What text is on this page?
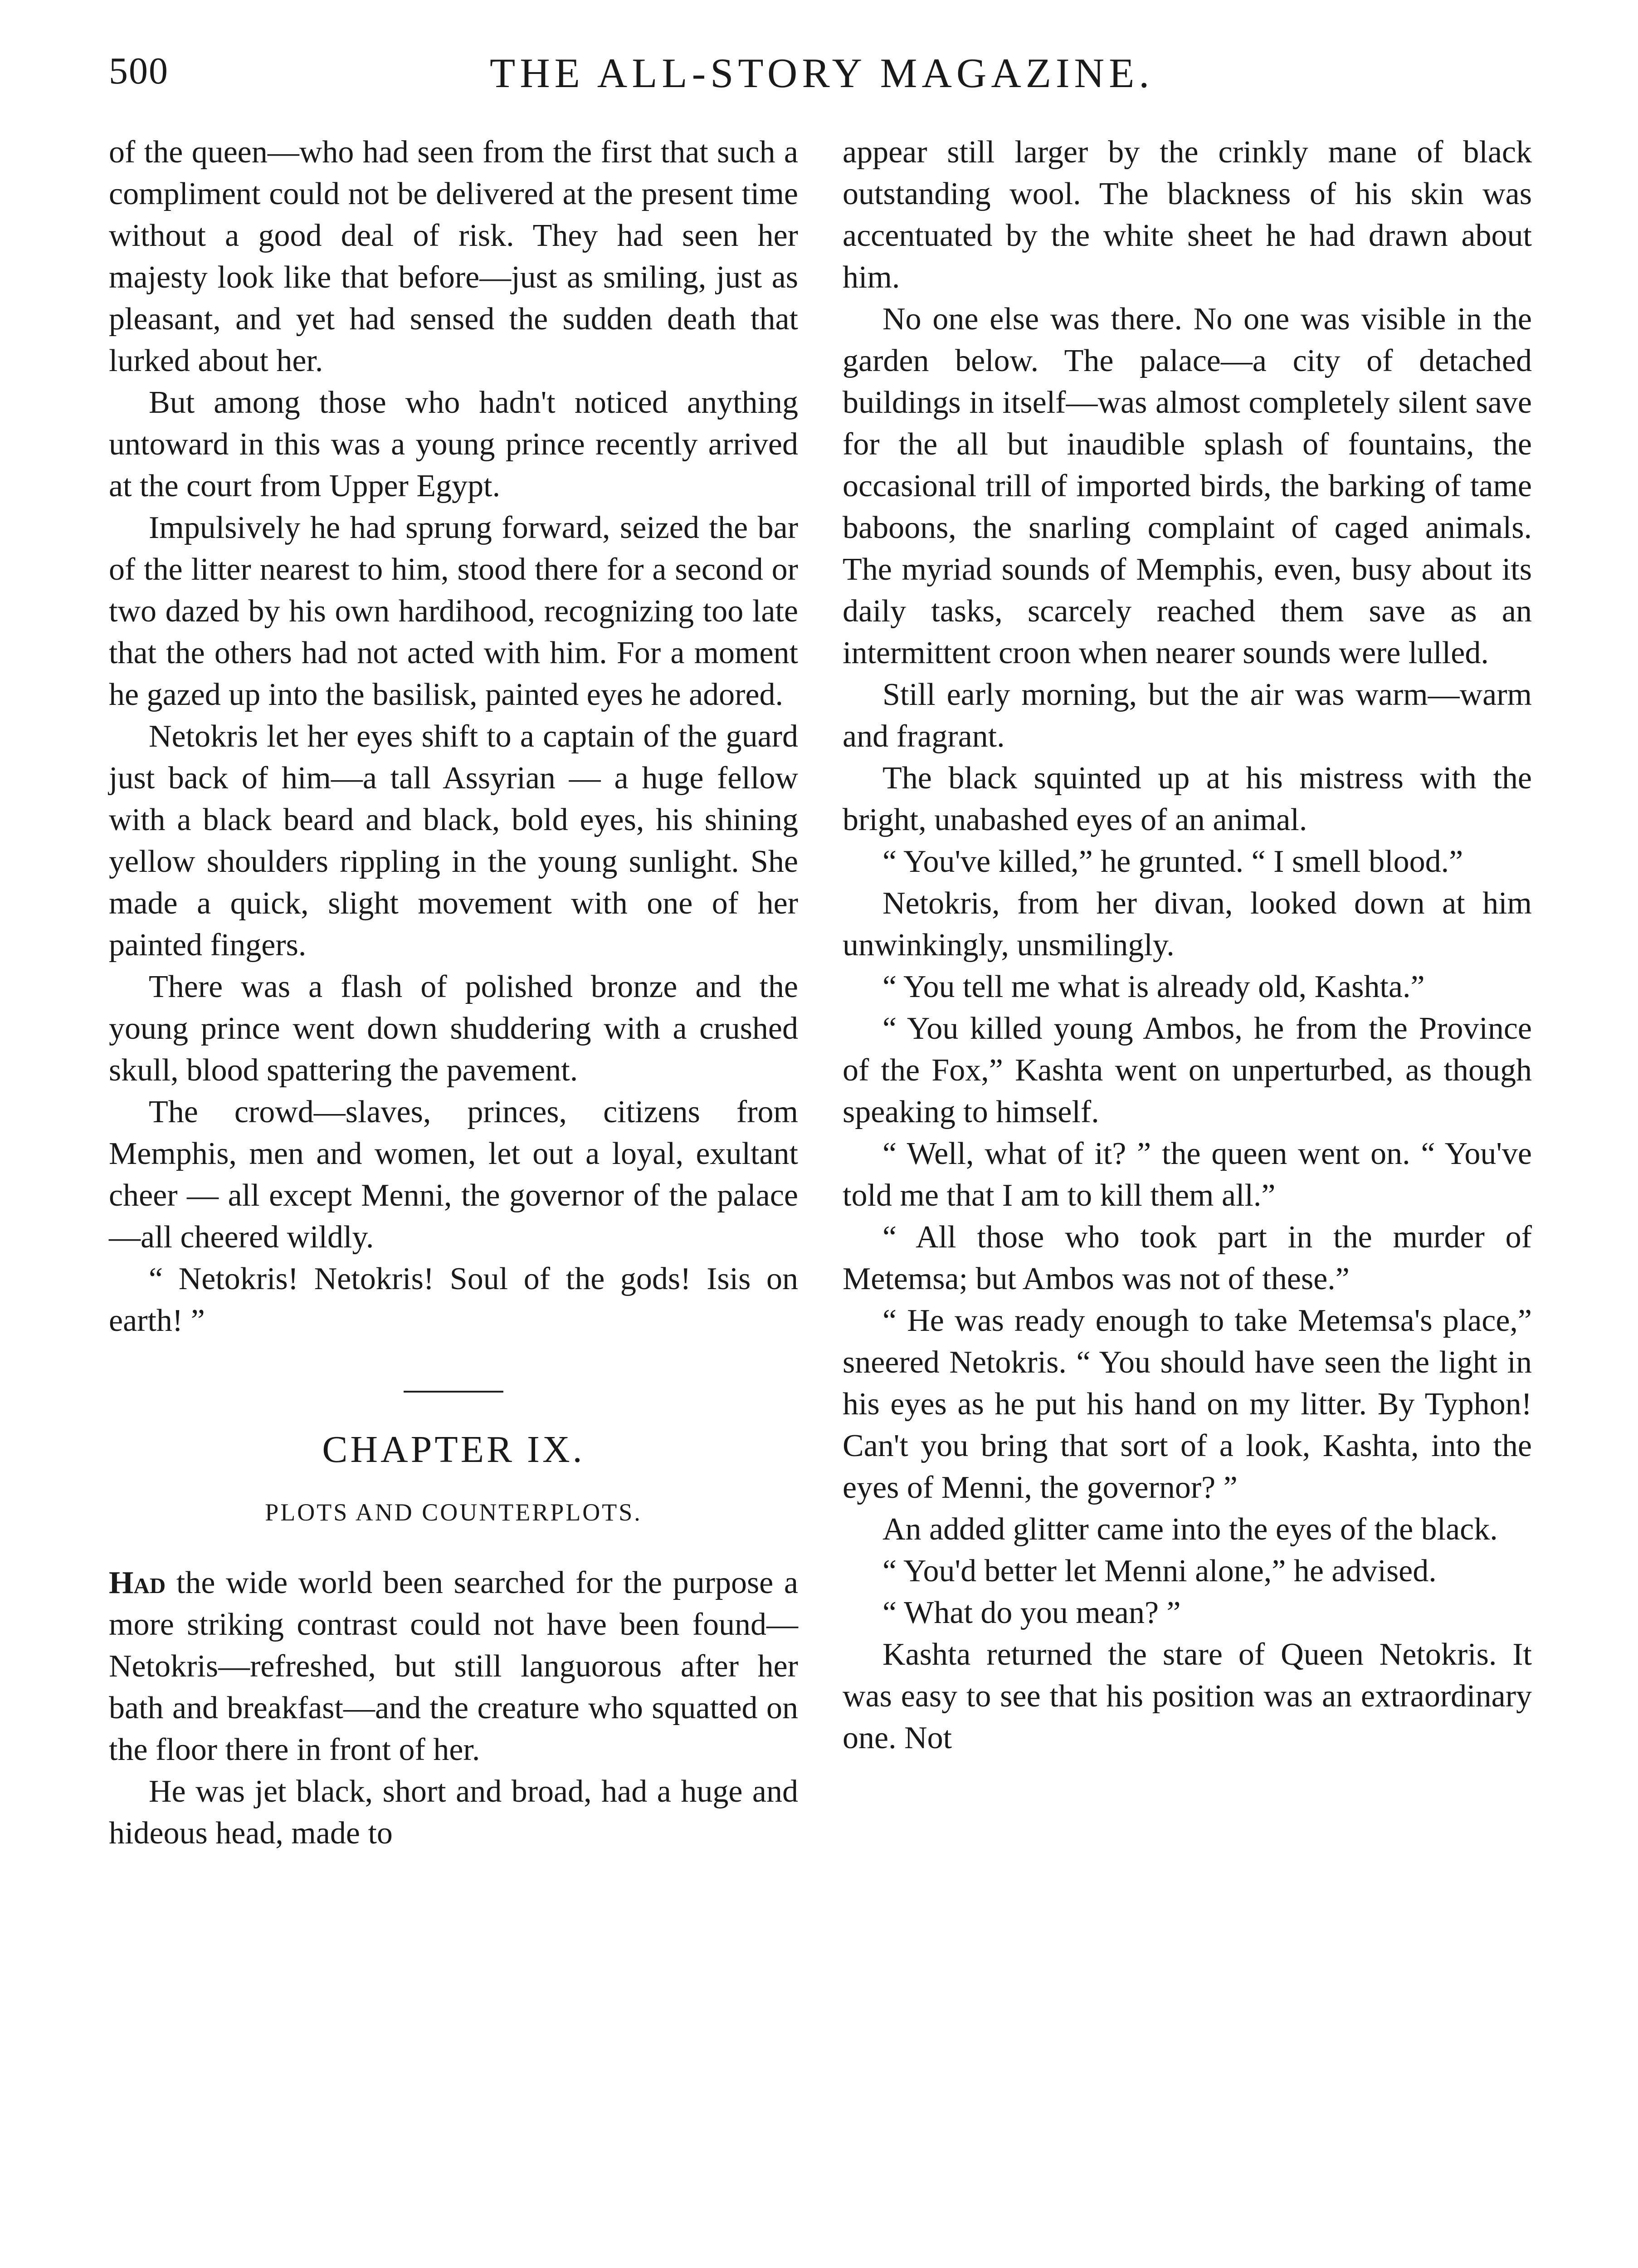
500	THE ALL-STORY MAGAZINE.

of the queen—who had seen from the first that such a compliment could not be delivered at the present time without a good deal of risk. They had seen her majesty look like that before—just as smiling, just as pleasant, and yet had sensed the sudden death that lurked about her.

But among those who hadn't noticed anything untoward in this was a young prince recently arrived at the court from Upper Egypt.

Impulsively he had sprung forward, seized the bar of the litter nearest to him, stood there for a second or two dazed by his own hardihood, recognizing too late that the others had not acted with him. For a moment he gazed up into the basilisk, painted eyes he adored.

Netokris let her eyes shift to a captain of the guard just back of him—a tall Assyrian — a huge fellow with a black beard and black, bold eyes, his shining yellow shoulders rippling in the young sunlight. She made a quick, slight movement with one of her painted fingers.

There was a flash of polished bronze and the young prince went down shuddering with a crushed skull, blood spattering the pavement.

The crowd—slaves, princes, citizens from Memphis, men and women, let out a loyal, exultant cheer — all except Menni, the governor of the palace—all cheered wildly.

“ Netokris! Netokris! Soul of the gods! Isis on earth! ”

CHAPTER IX.
PLOTS AND COUNTERPLOTS.

Had the wide world been searched for the purpose a more striking contrast could not have been found—Netokris—refreshed, but still languorous after her bath and breakfast—and the creature who squatted on the floor there in front of her.

He was jet black, short and broad, had a huge and hideous head, made to

appear still larger by the crinkly mane of black outstanding wool. The blackness of his skin was accentuated by the white sheet he had drawn about him.

No one else was there. No one was visible in the garden below. The palace—a city of detached buildings in itself—was almost completely silent save for the all but inaudible splash of fountains, the occasional trill of imported birds, the barking of tame baboons, the snarling complaint of caged animals. The myriad sounds of Memphis, even, busy about its daily tasks, scarcely reached them save as an intermittent croon when nearer sounds were lulled.

Still early morning, but the air was warm—warm and fragrant.

The black squinted up at his mistress with the bright, unabashed eyes of an animal.

“ You've killed,” he grunted. “ I smell blood.”

Netokris, from her divan, looked down at him unwinkingly, unsmilingly.

“ You tell me what is already old, Kashta.”

“ You killed young Ambos, he from the Province of the Fox,” Kashta went on unperturbed, as though speaking to himself.

“ Well, what of it? ” the queen went on. “ You've told me that I am to kill them all.”

“ All those who took part in the murder of Metemsa; but Ambos was not of these.”

“ He was ready enough to take Metemsa's place,” sneered Netokris. “ You should have seen the light in his eyes as he put his hand on my litter. By Typhon! Can't you bring that sort of a look, Kashta, into the eyes of Menni, the governor? ”

An added glitter came into the eyes of the black.

“ You'd better let Menni alone,” he advised.

“ What do you mean? ”

Kashta returned the stare of Queen Netokris. It was easy to see that his position was an extraordinary one. Not
